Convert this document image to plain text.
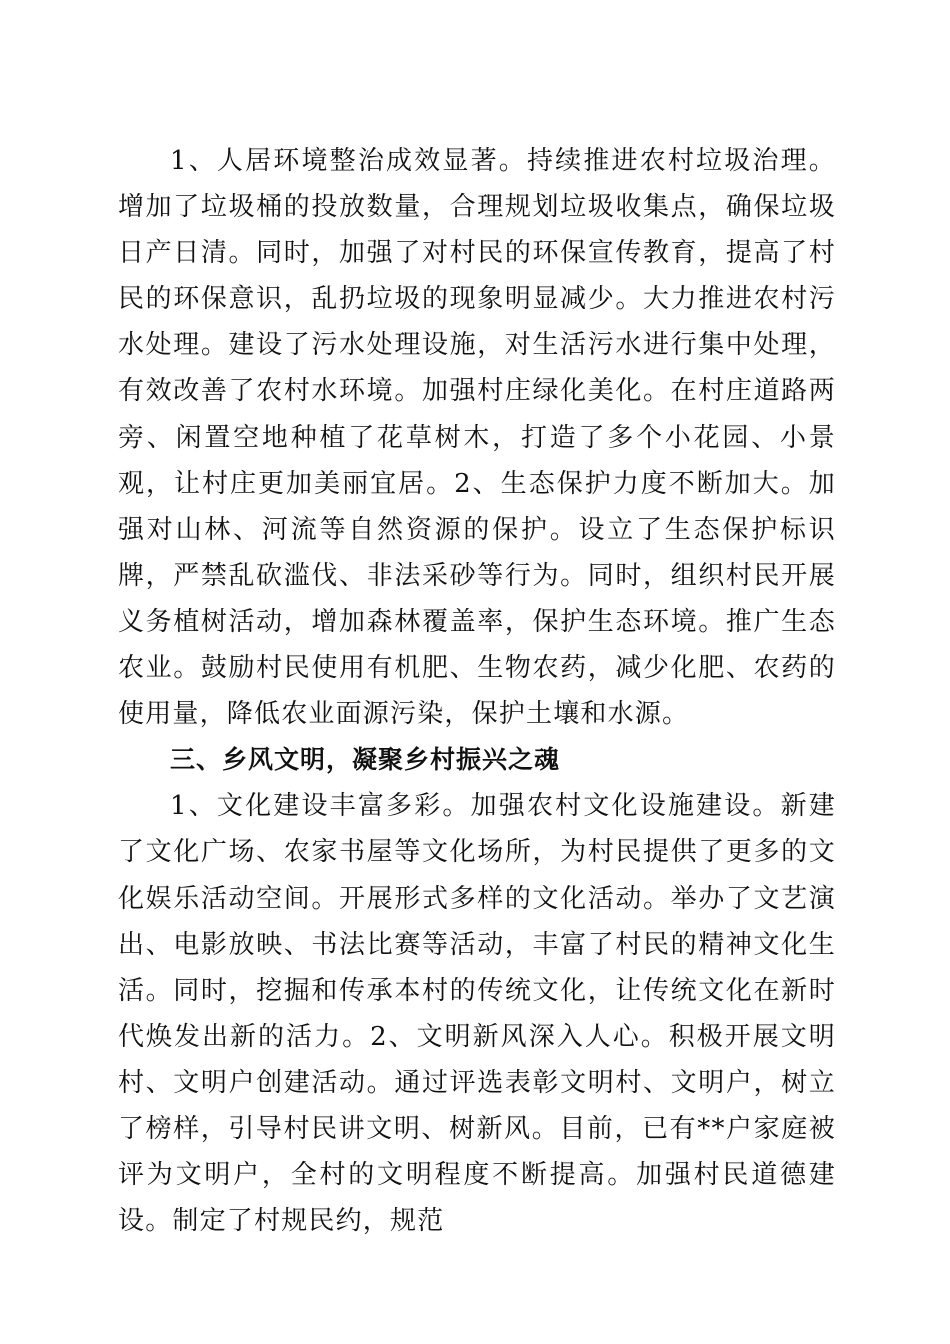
1、人居环境整治成效显著。持续推进农村垃圾治理。增加了垃圾桶的投放数量，合理规划垃圾收集点，确保垃圾日产日清。同时，加强了对村民的环保宣传教育，提高了村民的环保意识，乱扔垃圾的现象明显减少。大力推进农村污水处理。建设了污水处理设施，对生活污水进行集中处理，有效改善了农村水环境。加强村庄绿化美化。在村庄道路两旁、闲置空地种植了花草树木，打造了多个小花园、小景观，让村庄更加美丽宜居。2、生态保护力度不断加大。加强对山林、河流等自然资源的保护。设立了生态保护标识牌，严禁乱砍滥伐、非法采砂等行为。同时，组织村民开展义务植树活动，增加森林覆盖率，保护生态环境。推广生态农业。鼓励村民使用有机肥、生物农药，减少化肥、农药的使用量，降低农业面源污染，保护土壤和水源。

三、乡风文明，凝聚乡村振兴之魂

1、文化建设丰富多彩。加强农村文化设施建设。新建了文化广场、农家书屋等文化场所，为村民提供了更多的文化娱乐活动空间。开展形式多样的文化活动。举办了文艺演出、电影放映、书法比赛等活动，丰富了村民的精神文化生活。同时，挖掘和传承本村的传统文化，让传统文化在新时代焕发出新的活力。2、文明新风深入人心。积极开展文明村、文明户创建活动。通过评选表彰文明村、文明户，树立了榜样，引导村民讲文明、树新风。目前，已有**户家庭被评为文明户，全村的文明程度不断提高。加强村民道德建设。制定了村规民约，规范
